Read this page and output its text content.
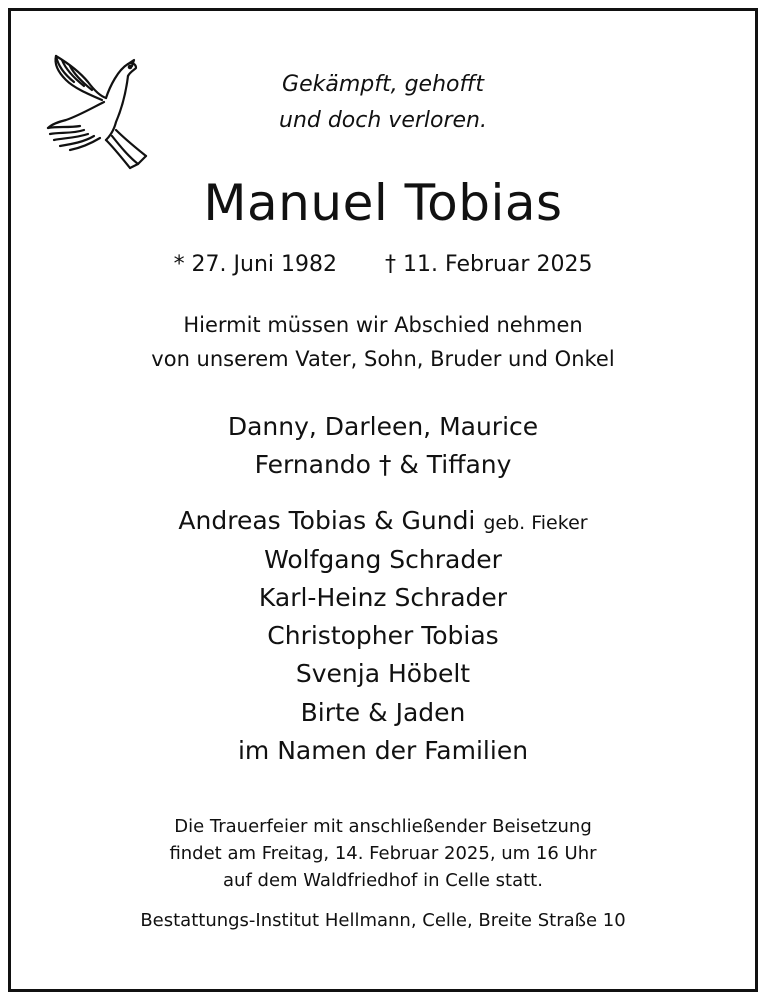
Gekämpft, gehofft
und doch verloren.
Manuel Tobias
* 27. Juni 1982 † 11. Februar 2025
Hiermit müssen wir Abschied nehmen
von unserem Vater, Sohn, Bruder und Onkel
Danny, Darleen, Maurice
Fernando † & Tiffany
Andreas Tobias & Gundi geb. Fieker
Wolfgang Schrader
Karl-Heinz Schrader
Christopher Tobias
Svenja Höbelt
Birte & Jaden
im Namen der Familien
Die Trauerfeier mit anschließender Beisetzung
findet am Freitag, 14. Februar 2025, um 16 Uhr
auf dem Waldfriedhof in Celle statt.
Bestattungs-Institut Hellmann, Celle, Breite Straße 10
